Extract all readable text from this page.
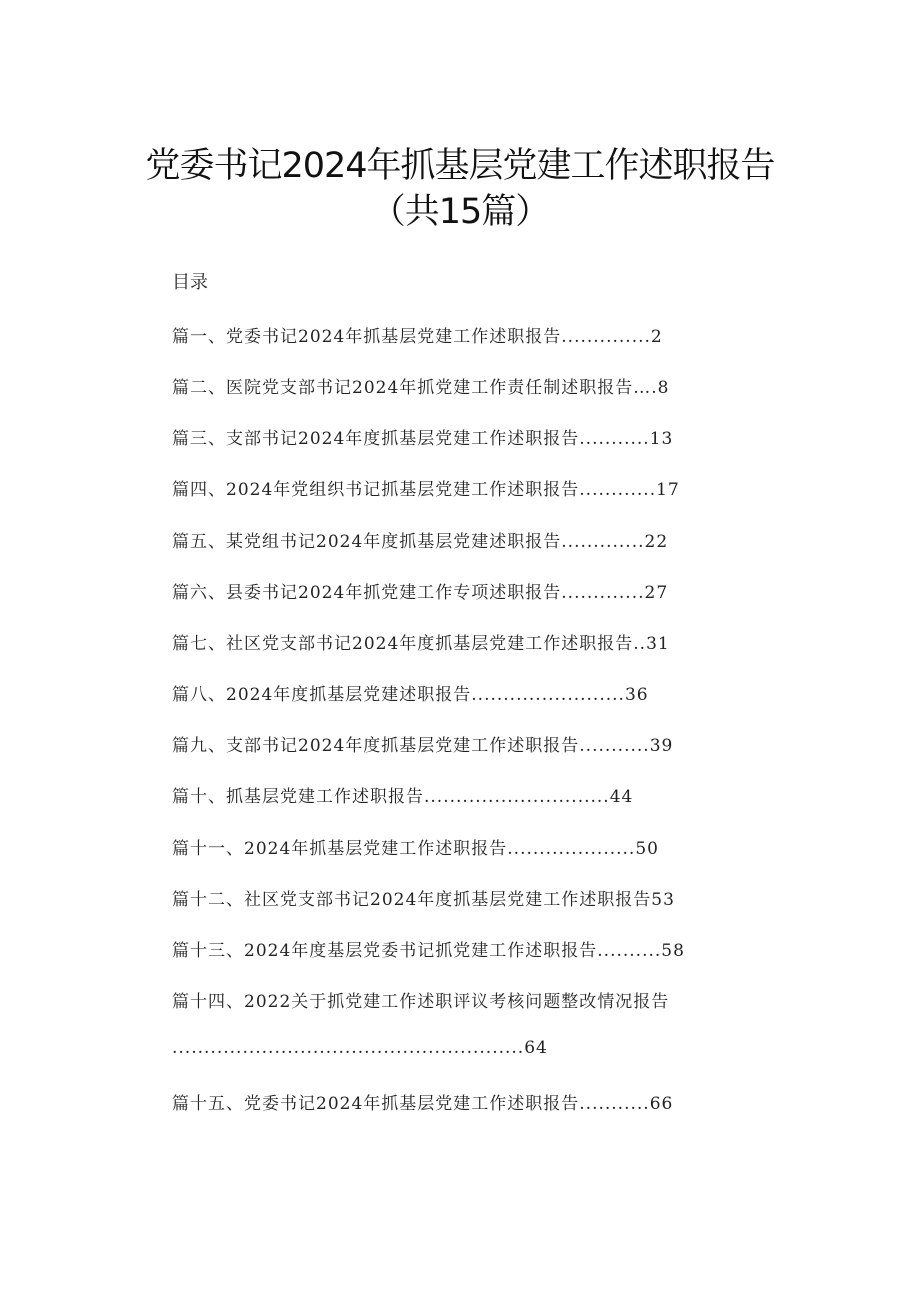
党委书记2024年抓基层党建工作述职报告
（共15篇）
目录
篇一、党委书记2024年抓基层党建工作述职报告..............2
篇二、医院党支部书记2024年抓党建工作责任制述职报告….8
篇三、支部书记2024年度抓基层党建工作述职报告...........13
篇四、2024年党组织书记抓基层党建工作述职报告............17
篇五、某党组书记2024年度抓基层党建述职报告.............22
篇六、县委书记2024年抓党建工作专项述职报告.............27
篇七、社区党支部书记2024年度抓基层党建工作述职报告..31
篇八、2024年度抓基层党建述职报告........................36
篇九、支部书记2024年度抓基层党建工作述职报告...........39
篇十、抓基层党建工作述职报告.............................44
篇十一、2024年抓基层党建工作述职报告....................50
篇十二、社区党支部书记2024年度抓基层党建工作述职报告53
篇十三、2024年度基层党委书记抓党建工作述职报告..........58
篇十四、2022关于抓党建工作述职评议考核问题整改情况报告
.......................................................64
篇十五、党委书记2024年抓基层党建工作述职报告...........66
